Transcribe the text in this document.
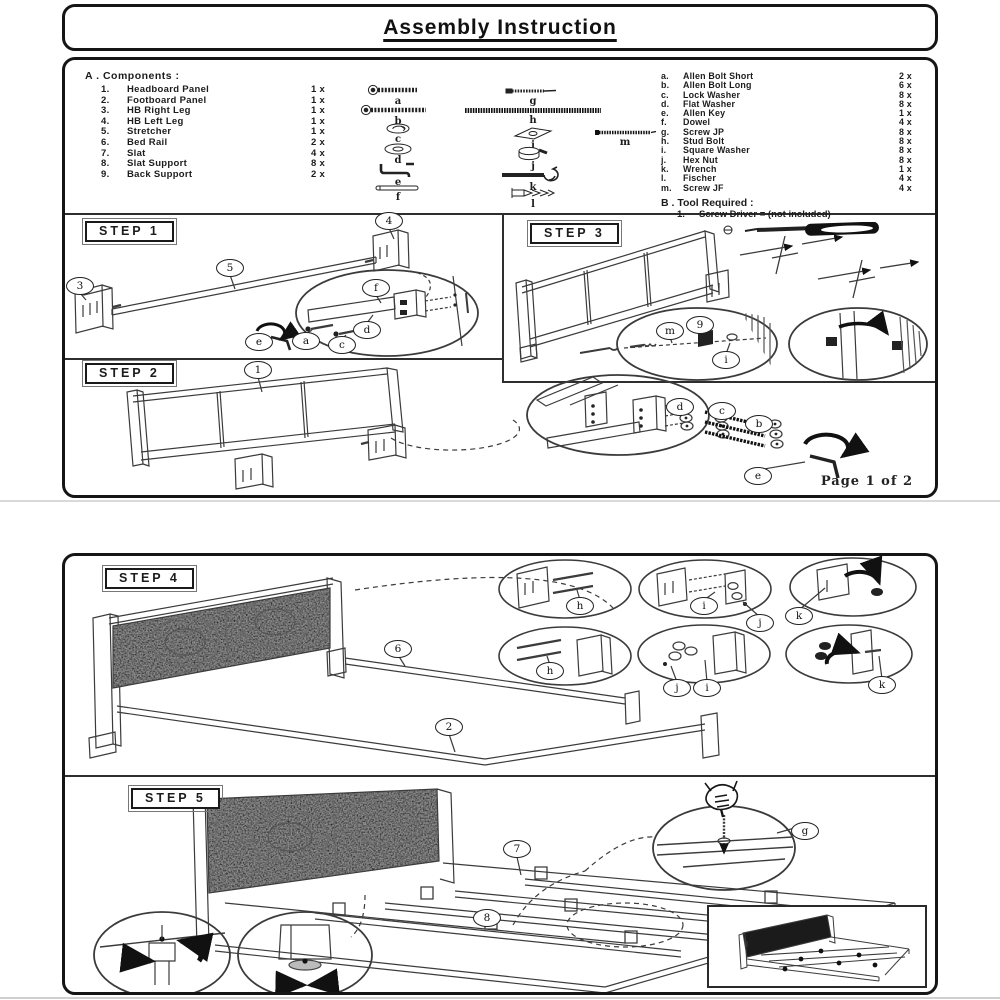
Assembly Instruction
A . Components :
1.	Headboard Panel	1 x
2.	Footboard Panel	1 x
3.	HB Right Leg	1 x
4.	HB Left Leg	1 x
5.	Stretcher	1 x
6.	Bed Rail	2 x
7.	Slat	4 x
8.	Slat Support	8 x
9.	Back Support	2 x
a
b
c
d
e
f
g
h
i
j
k
l
m
a.	Allen Bolt Short	2 x
b.	Allen Bolt Long	6 x
c.	Lock Washer	8 x
d.	Flat Washer	8 x
e.	Allen Key	1 x
f.	Dowel	4 x
g.	Screw JP	8 x
h.	Stud Bolt	8 x
i.	Square Washer	8 x
j.	Hex Nut	8 x
k.	Wrench	1 x
l.	Fischer	4 x
m.	Screw JF	4 x
B . Tool Required :
1.	Screw Driver = (not included)
STEP 1
3
4
5
f
d
e	a	c
STEP 3
m	9
i
STEP 2	1
d	c
b
e	Page 1 of 2
STEP 4
6
2
h	i
j
k
h
j	i	k
STEP 5
7
8
g
